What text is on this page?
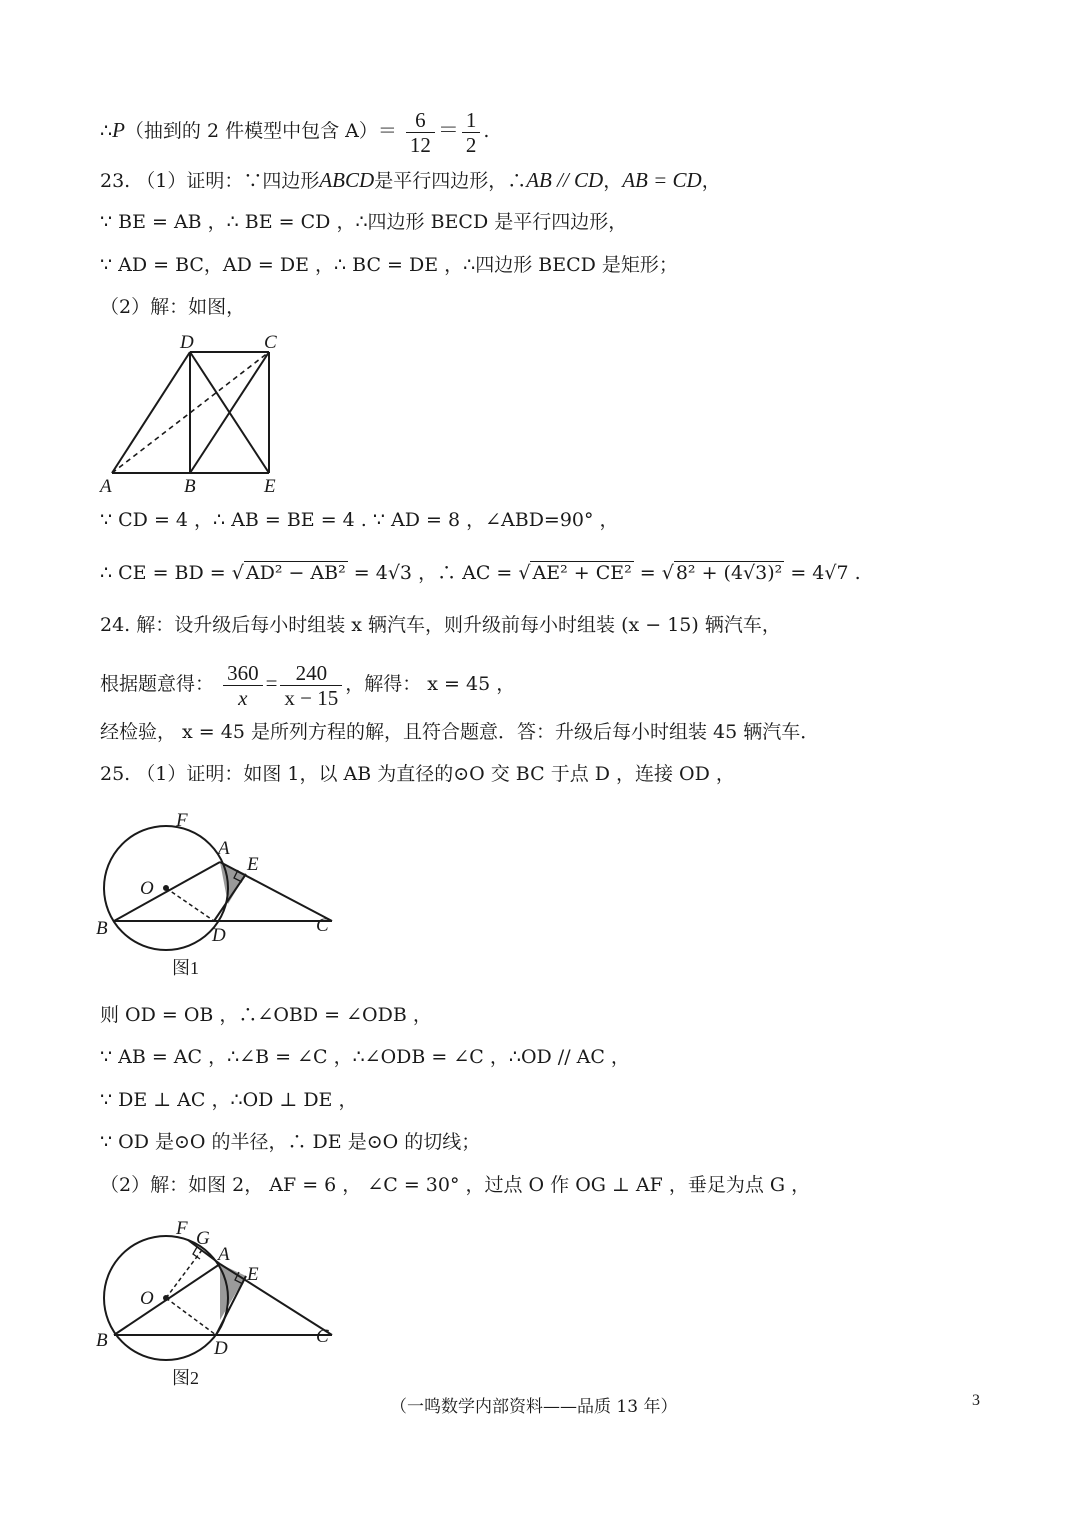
∴P（抽到的 2 件模型中包含 $A)= \frac{6}{12} = \frac{1}{2}$ .
23. （1）证明：∵四边形ABCD是平行四边形，∴AB // CD，AB = CD，
∵ BE = AB ，∴ BE = CD ，∴四边形 BECD 是平行四边形，
∵ AD = BC，AD = DE ，∴ BC = DE ，∴四边形 BECD 是矩形；
（2）解：如图，
D	C
A	B	E
∵ CD = 4 ，∴ AB = BE = 4 . ∵ AD = 8 ，∠ABD=90° ，
∴ CE = BD = √ AD² − AB² = 4√3 ，∴ AC = √ AE² + CE² = √ 8² + (4√3)² = 4√7 .
24. 解：设升级后每小时组装 x 辆汽车，则升级前每小时组装 (x − 15) 辆汽车，
根据题意得： $\frac{360}{x} = \frac{240}{x - 15}$ ，解得： x = 45 ，
经检验， x = 45 是所列方程的解，且符合题意．答：升级后每小时组装 45 辆汽车．
25. （1）证明：如图 1，以 AB 为直径的⊙O 交 BC 于点 D ，连接 OD ，
F
A
E
O
B	D	C
图1
则 OD = OB ，∴∠OBD = ∠ODB ，
∵ AB = AC ，∴∠B = ∠C ，∴∠ODB = ∠C ，∴OD // AC ，
∵ DE ⊥ AC ，∴OD ⊥ DE ，
∵ OD 是⊙O 的半径，∴ DE 是⊙O 的切线；
（2）解：如图 2， AF = 6 ， ∠C = 30° ，过点 O 作 OG ⊥ AF ，垂足为点 G ，
F G
A
E
O
B	D
C
图2
（一鸣数学内部资料——品质 13 年）	3
